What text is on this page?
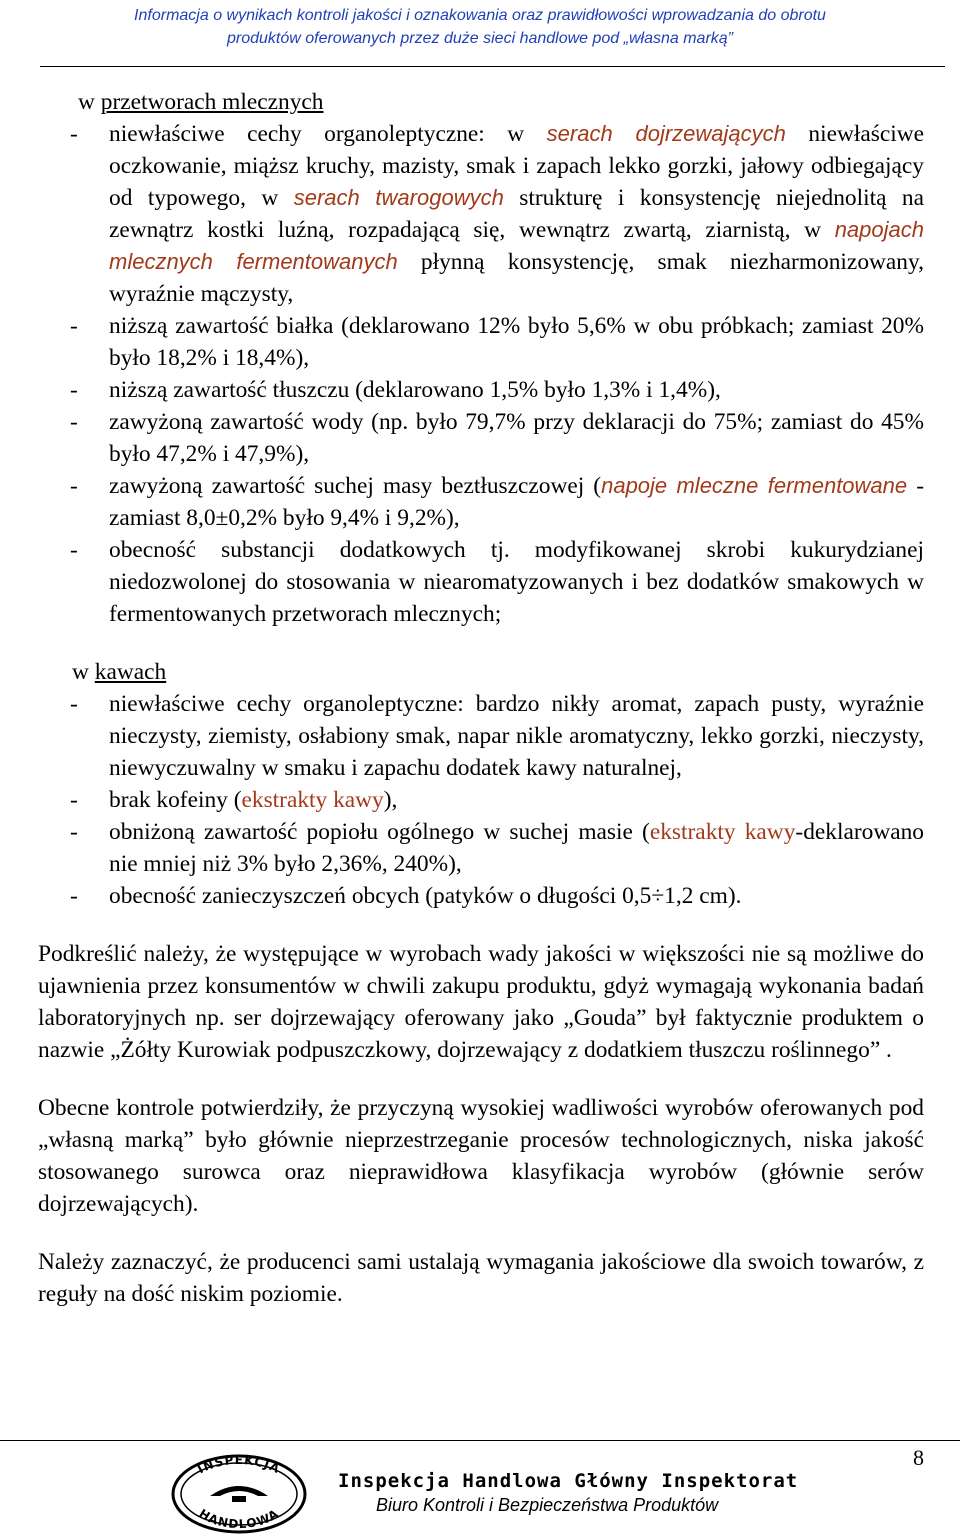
Informacja o wynikach kontroli jakości i oznakowania oraz prawidłowości wprowadzania do obrotu
produktów oferowanych przez duże sieci handlowe pod „własna marką”

w przetworach mlecznych

- niewłaściwe cechy organoleptyczne: w serach dojrzewających niewłaściwe oczkowanie, miąższ kruchy, mazisty, smak i zapach lekko gorzki, jałowy odbiegający od typowego, w serach twarogowych strukturę i konsystencję niejednolitą na zewnątrz kostki luźną, rozpadającą się, wewnątrz zwartą, ziarnistą, w napojach mlecznych fermentowanych płynną konsystencję, smak niezharmonizowany, wyraźnie mączysty,
- niższą zawartość białka (deklarowano 12% było 5,6% w obu próbkach; zamiast 20% było 18,2% i 18,4%),
- niższą zawartość tłuszczu (deklarowano 1,5% było 1,3% i 1,4%),
- zawyżoną zawartość wody (np. było 79,7% przy deklaracji do 75%; zamiast do 45% było 47,2% i 47,9%),
- zawyżoną zawartość suchej masy beztłuszczowej (napoje mleczne fermentowane - zamiast 8,0±0,2% było 9,4% i 9,2%),
- obecność substancji dodatkowych tj. modyfikowanej skrobi kukurydzianej niedozwolonej do stosowania w niearomatyzowanych i bez dodatków smakowych w fermentowanych przetworach mlecznych;

w kawach

- niewłaściwe cechy organoleptyczne: bardzo nikły aromat, zapach pusty, wyraźnie nieczysty, ziemisty, osłabiony smak, napar nikle aromatyczny, lekko gorzki, nieczysty, niewyczuwalny w smaku i zapachu dodatek kawy naturalnej,
- brak kofeiny (ekstrakty kawy),
- obniżoną zawartość popiołu ogólnego w suchej masie (ekstrakty kawy-deklarowano nie mniej niż 3% było 2,36%, 240%),
- obecność zanieczyszczeń obcych (patyków o długości 0,5÷1,2 cm).

Podkreślić należy, że występujące w wyrobach wady jakości w większości nie są możliwe do ujawnienia przez konsumentów w chwili zakupu produktu, gdyż wymagają wykonania badań laboratoryjnych np. ser dojrzewający oferowany jako „Gouda” był faktycznie produktem o nazwie „Żółty Kurowiak podpuszczkowy, dojrzewający z dodatkiem tłuszczu roślinnego” .

Obecne kontrole potwierdziły, że przyczyną wysokiej wadliwości wyrobów oferowanych pod „własną marką” było głównie nieprzestrzeganie procesów technologicznych, niska jakość stosowanego surowca oraz nieprawidłowa klasyfikacja wyrobów (głównie serów dojrzewających).

Należy zaznaczyć, że producenci sami ustalają wymagania jakościowe dla swoich towarów, z reguły na dość niskim poziomie.

8
INSPEKCJA
HANDLOWA
Inspekcja Handlowa Główny Inspektorat
Biuro Kontroli i Bezpieczeństwa Produktów
